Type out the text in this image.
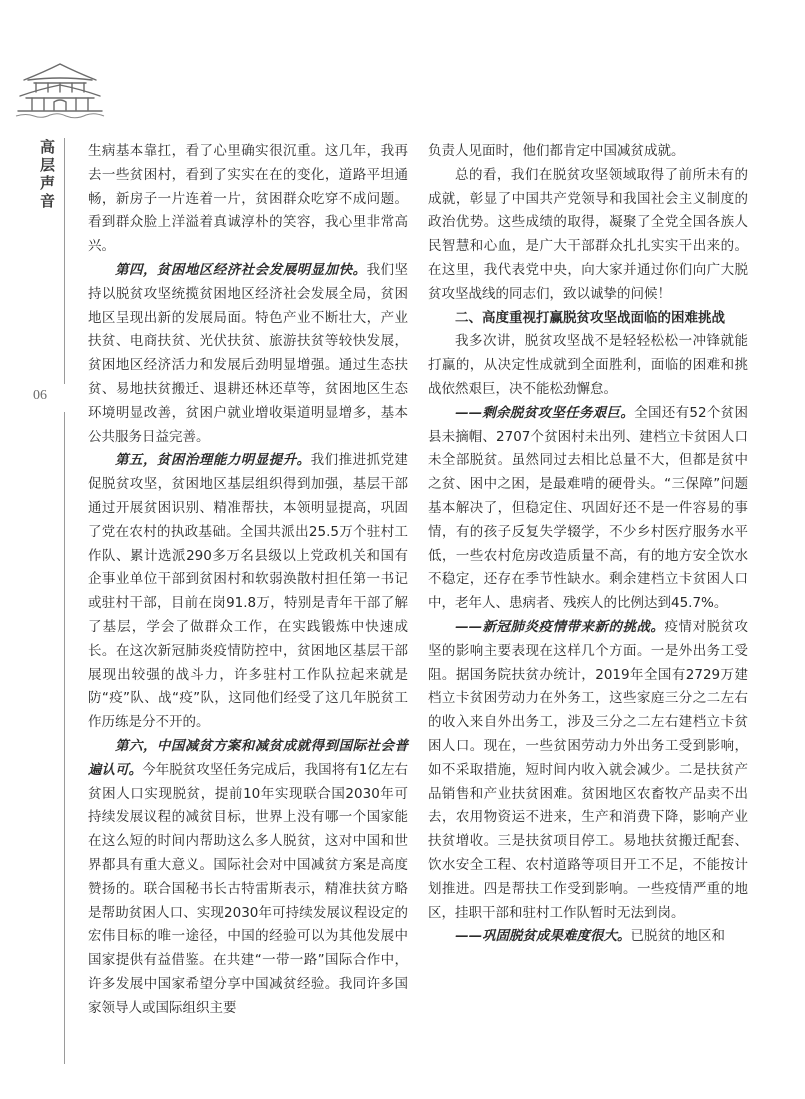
高层声音
06

生病基本靠扛，看了心里确实很沉重。这几年，我再去一些贫困村，看到了实实在在的变化，道路平坦通畅，新房子一片连着一片，贫困群众吃穿不成问题。看到群众脸上洋溢着真诚淳朴的笑容，我心里非常高兴。

第四，贫困地区经济社会发展明显加快。我们坚持以脱贫攻坚统揽贫困地区经济社会发展全局，贫困地区呈现出新的发展局面。特色产业不断壮大，产业扶贫、电商扶贫、光伏扶贫、旅游扶贫等较快发展，贫困地区经济活力和发展后劲明显增强。通过生态扶贫、易地扶贫搬迁、退耕还林还草等，贫困地区生态环境明显改善，贫困户就业增收渠道明显增多，基本公共服务日益完善。

第五，贫困治理能力明显提升。我们推进抓党建促脱贫攻坚，贫困地区基层组织得到加强，基层干部通过开展贫困识别、精准帮扶，本领明显提高，巩固了党在农村的执政基础。全国共派出25.5万个驻村工作队、累计选派290多万名县级以上党政机关和国有企事业单位干部到贫困村和软弱涣散村担任第一书记或驻村干部，目前在岗91.8万，特别是青年干部了解了基层，学会了做群众工作，在实践锻炼中快速成长。在这次新冠肺炎疫情防控中，贫困地区基层干部展现出较强的战斗力，许多驻村工作队拉起来就是防“疫”队、战“疫”队，这同他们经受了这几年脱贫工作历练是分不开的。

第六，中国减贫方案和减贫成就得到国际社会普遍认可。今年脱贫攻坚任务完成后，我国将有1亿左右贫困人口实现脱贫，提前10年实现联合国2030年可持续发展议程的减贫目标，世界上没有哪一个国家能在这么短的时间内帮助这么多人脱贫，这对中国和世界都具有重大意义。国际社会对中国减贫方案是高度赞扬的。联合国秘书长古特雷斯表示，精准扶贫方略是帮助贫困人口、实现2030年可持续发展议程设定的宏伟目标的唯一途径，中国的经验可以为其他发展中国家提供有益借鉴。在共建“一带一路”国际合作中，许多发展中国家希望分享中国减贫经验。我同许多国家领导人或国际组织主要

负责人见面时，他们都肯定中国减贫成就。

总的看，我们在脱贫攻坚领域取得了前所未有的成就，彰显了中国共产党领导和我国社会主义制度的政治优势。这些成绩的取得，凝聚了全党全国各族人民智慧和心血，是广大干部群众扎扎实实干出来的。在这里，我代表党中央，向大家并通过你们向广大脱贫攻坚战线的同志们，致以诚挚的问候！

二、高度重视打赢脱贫攻坚战面临的困难挑战

我多次讲，脱贫攻坚战不是轻轻松松一冲锋就能打赢的，从决定性成就到全面胜利，面临的困难和挑战依然艰巨，决不能松劲懈怠。

——剩余脱贫攻坚任务艰巨。全国还有52个贫困县未摘帽、2707个贫困村未出列、建档立卡贫困人口未全部脱贫。虽然同过去相比总量不大，但都是贫中之贫、困中之困，是最难啃的硬骨头。“三保障”问题基本解决了，但稳定住、巩固好还不是一件容易的事情，有的孩子反复失学辍学，不少乡村医疗服务水平低，一些农村危房改造质量不高，有的地方安全饮水不稳定，还存在季节性缺水。剩余建档立卡贫困人口中，老年人、患病者、残疾人的比例达到45.7%。

——新冠肺炎疫情带来新的挑战。疫情对脱贫攻坚的影响主要表现在这样几个方面。一是外出务工受阻。据国务院扶贫办统计，2019年全国有2729万建档立卡贫困劳动力在外务工，这些家庭三分之二左右的收入来自外出务工，涉及三分之二左右建档立卡贫困人口。现在，一些贫困劳动力外出务工受到影响，如不采取措施，短时间内收入就会减少。二是扶贫产品销售和产业扶贫困难。贫困地区农畜牧产品卖不出去，农用物资运不进来，生产和消费下降，影响产业扶贫增收。三是扶贫项目停工。易地扶贫搬迁配套、饮水安全工程、农村道路等项目开工不足，不能按计划推进。四是帮扶工作受到影响。一些疫情严重的地区，挂职干部和驻村工作队暂时无法到岗。

——巩固脱贫成果难度很大。已脱贫的地区和
